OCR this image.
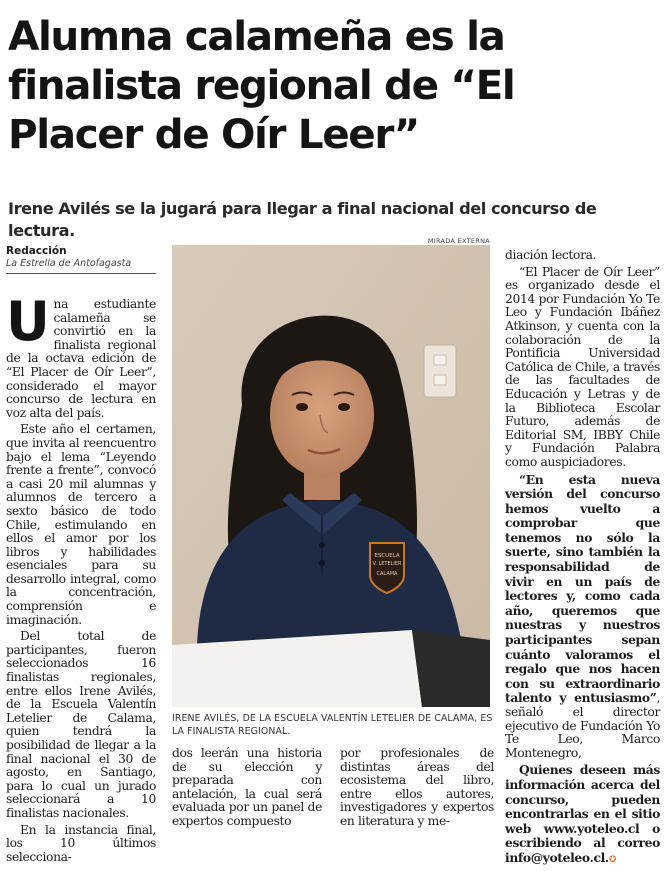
Alumna calameña es la finalista regional de “El Placer de Oír Leer”
Irene Avilés se la jugará para llegar a final nacional del concurso de lectura.
Redacción
La Estrella de Antofagasta

Una estudiante calameña se convirtió en la finalista regional de la octava edición de “El Placer de Oír Leer”, considerado el mayor concurso de lectura en voz alta del país.

Este año el certamen, que invita al reencuentro bajo el lema “Leyendo frente a frente”, convocó a casi 20 mil alumnas y alumnos de tercero a sexto básico de todo Chile, estimulando en ellos el amor por los libros y habilidades esenciales para su desarrollo integral, como la concentración, comprensión e imaginación.

Del total de participantes, fueron seleccionados 16 finalistas regionales, entre ellos Irene Avilés, de la Escuela Valentín Letelier de Calama, quien tendrá la posibilidad de llegar a la final nacional el 30 de agosto, en Santiago, para lo cual un jurado seleccionará a 10 finalistas nacionales.

En la instancia final, los 10 últimos selecciona-

MIRADA EXTERNA
ESCUELA
V. LETELIER
CALAMA
IRENE AVILÉS, DE LA ESCUELA VALENTÍN LETELIER DE CALAMA, ES LA FINALISTA REGIONAL.

dos leerán una historia de su elección y preparada con antelación, la cual será evaluada por un panel de expertos compuesto

por profesionales de distintas áreas del ecosistema del libro, entre ellos autores, investigadores y expertos en literatura y me-

diación lectora.

“El Placer de Oír Leer” es organizado desde el 2014 por Fundación Yo Te Leo y Fundación Ibáñez Atkinson, y cuenta con la colaboración de la Pontificia Universidad Católica de Chile, a través de las facultades de Educación y Letras y de la Biblioteca Escolar Futuro, además de Editorial SM, IBBY Chile y Fundación Palabra como auspiciadores.

“En esta nueva versión del concurso hemos vuelto a comprobar que tenemos no sólo la suerte, sino también la responsabilidad de vivir en un país de lectores y, como cada año, queremos que nuestras y nuestros participantes sepan cuánto valoramos el regalo que nos hacen con su extraordinario talento y entusiasmo”, señaló el director ejecutivo de Fundación Yo Te Leo, Marco Montenegro,

Quienes deseen más información acerca del concurso, pueden encontrarlas en el sitio web www.yoteleo.cl o escribiendo al correo info@yoteleo.cl.✪
